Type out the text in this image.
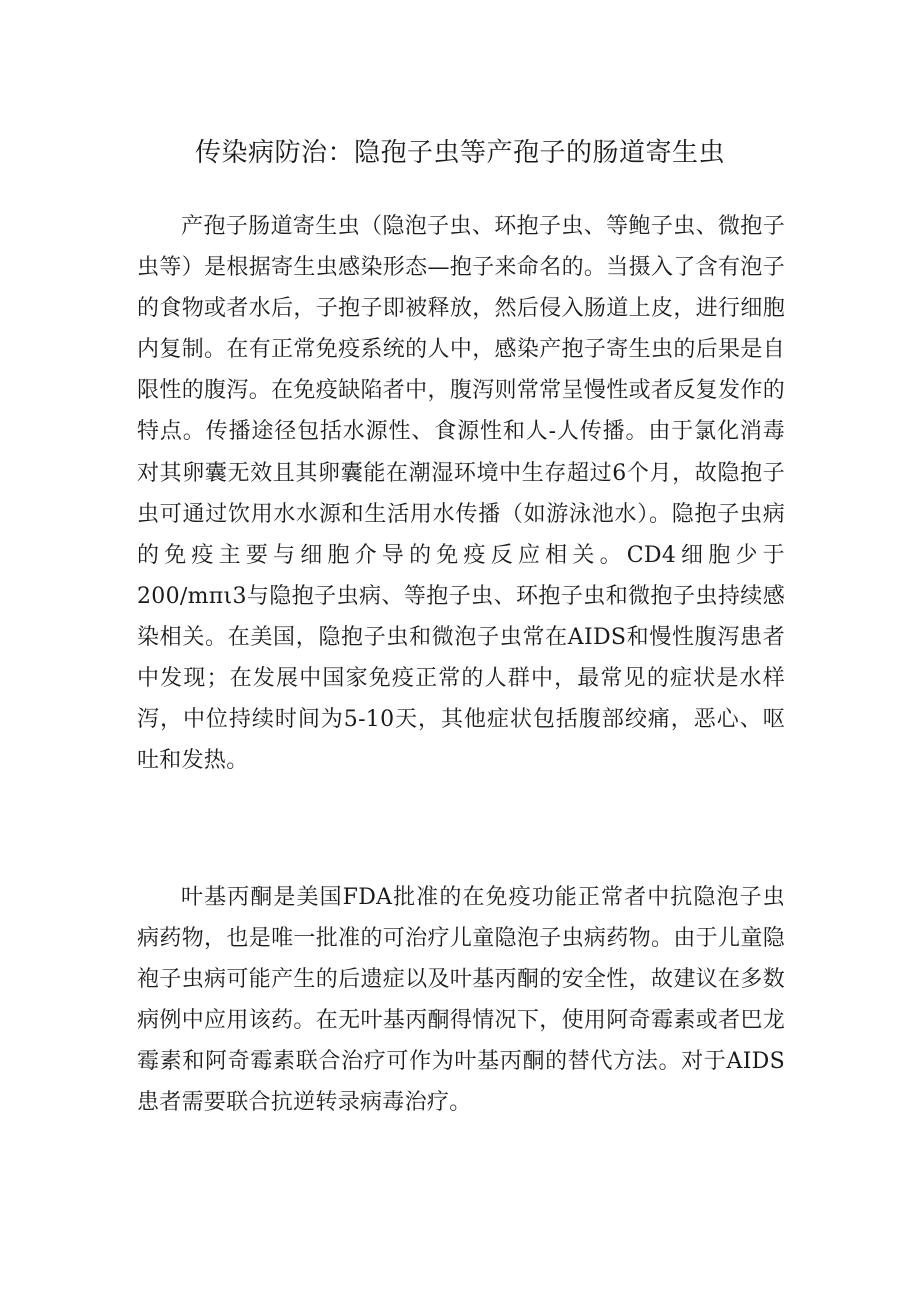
传染病防治：隐孢子虫等产孢子的肠道寄生虫

产孢子肠道寄生虫（隐泡子虫、环抱子虫、等鲍子虫、微抱子虫等）是根据寄生虫感染形态—抱子来命名的。当摄入了含有泡子的食物或者水后，子抱子即被释放，然后侵入肠道上皮，进行细胞内复制。在有正常免疫系统的人中，感染产抱子寄生虫的后果是自限性的腹泻。在免疫缺陷者中，腹泻则常常呈慢性或者反复发作的特点。传播途径包括水源性、食源性和人-人传播。由于氯化消毒对其卵囊无效且其卵囊能在潮湿环境中生存超过6个月，故隐抱子虫可通过饮用水水源和生活用水传播（如游泳池水）。隐抱子虫病的免疫主要与细胞介导的免疫反应相关。CD4细胞少于200∕mπι3与隐抱子虫病、等抱子虫、环抱子虫和微抱子虫持续感染相关。在美国，隐抱子虫和微泡子虫常在AIDS和慢性腹泻患者中发现；在发展中国家免疫正常的人群中，最常见的症状是水样泻，中位持续时间为5-10天，其他症状包括腹部绞痛，恶心、呕吐和发热。

叶基丙酮是美国FDA批准的在免疫功能正常者中抗隐泡子虫病药物，也是唯一批准的可治疗儿童隐泡子虫病药物。由于儿童隐袍子虫病可能产生的后遗症以及叶基丙酮的安全性，故建议在多数病例中应用该药。在无叶基丙酮得情况下，使用阿奇霉素或者巴龙霉素和阿奇霉素联合治疗可作为叶基丙酮的替代方法。对于AIDS患者需要联合抗逆转录病毒治疗。
